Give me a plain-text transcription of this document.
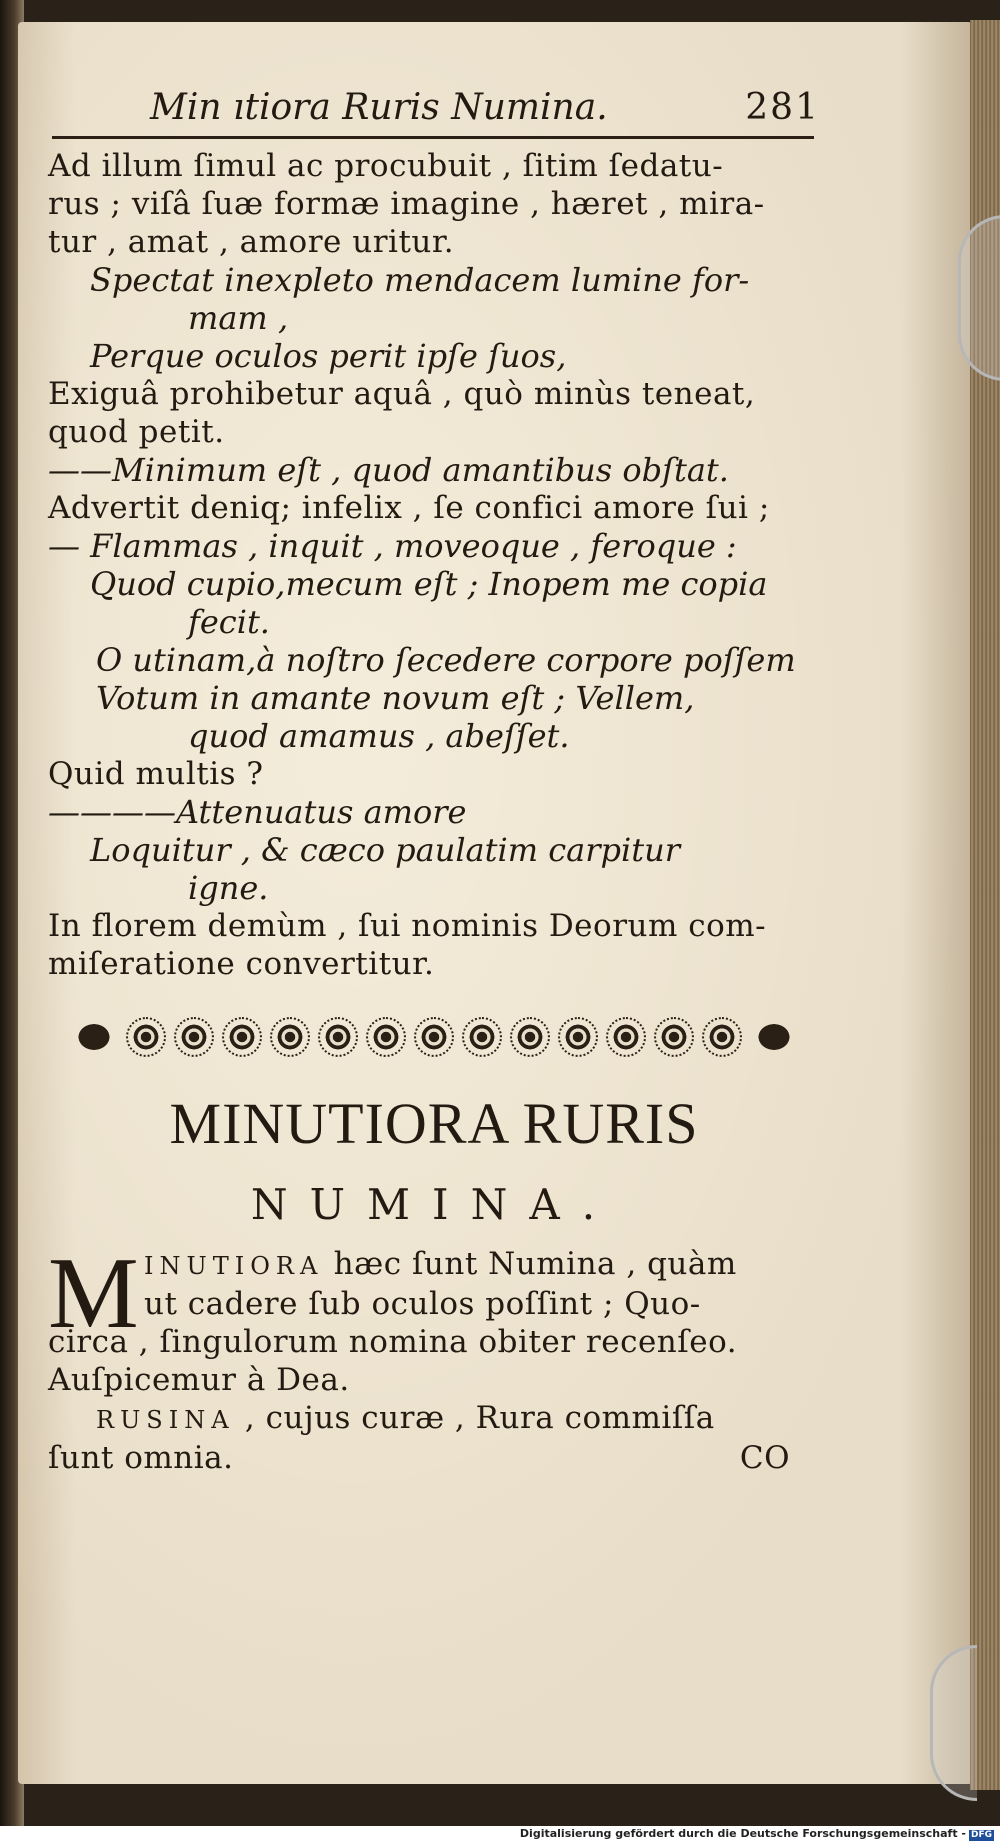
Min ıtiora Ruris Numina.	281
Ad illum ſimul ac procubuit , ſitim ſedatu-
rus ; viſâ ſuæ formæ imagine , hæret , mira-
tur , amat , amore uritur.
Spectat inexpleto mendacem lumine for-
mam ,
Perque oculos perit ipſe ſuos,
Exiguâ prohibetur aquâ , quò minùs teneat,
quod petit.
——Minimum eſt , quod amantibus obſtat.
Advertit deniq; infelix , ſe confici amore ſui ;
— Flammas , inquit , moveoque , feroque :
Quod cupio,mecum eſt ; Inopem me copia
fecit.
O utinam,à noſtro ſecedere corpore poſſem
Votum in amante novum eſt ; Vellem,
quod amamus , abeſſet.
Quid multis ?
————Attenuatus amore
Loquitur , & cæco paulatim carpitur
igne.
In florem demùm , ſui nominis Deorum com-
miſeratione convertitur.
MINUTIORA RURIS
NUMINA.
M INUTIORA hæc ſunt Numina , quàm
ut cadere ſub oculos poſſint ; Quo-
circa , ſingulorum nomina obiter recenſeo.
Auſpicemur à Dea.
RUSINA , cujus curæ , Rura commiſſa
ſunt omnia.	CO
Digitalisierung gefördert durch die Deutsche Forschungsgemeinschaft - DFG
